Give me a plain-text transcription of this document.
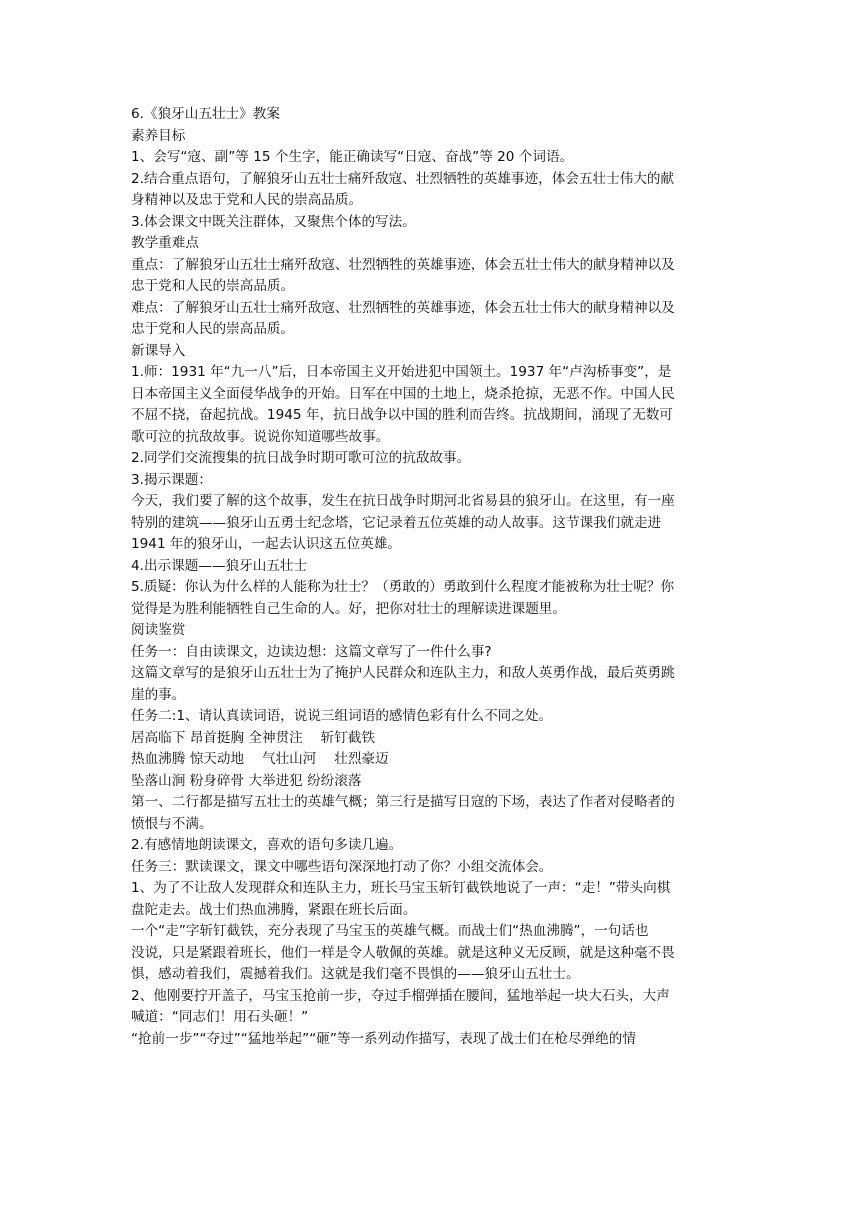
6.《狼牙山五壮士》教案
素养目标
1、会写“寇、副”等 15 个生字，能正确读写“日寇、奋战”等 20 个词语。
2.结合重点语句，了解狼牙山五壮士痛歼敌寇、壮烈牺牲的英雄事迹，体会五壮士伟大的献
身精神以及忠于党和人民的崇高品质。
3.体会课文中既关注群体，又聚焦个体的写法。
教学重难点
重点：了解狼牙山五壮士痛歼敌寇、壮烈牺牲的英雄事迹，体会五壮士伟大的献身精神以及
忠于党和人民的崇高品质。
难点：了解狼牙山五壮士痛歼敌寇、壮烈牺牲的英雄事迹，体会五壮士伟大的献身精神以及
忠于党和人民的崇高品质。
新课导入
1.师：1931 年“九一八”后，日本帝国主义开始进犯中国领土。1937 年“卢沟桥事变”，是
日本帝国主义全面侵华战争的开始。日军在中国的土地上，烧杀抢掠，无恶不作。中国人民
不屈不挠，奋起抗战。1945 年，抗日战争以中国的胜利而告终。抗战期间，涌现了无数可
歌可泣的抗敌故事。说说你知道哪些故事。
2.同学们交流搜集的抗日战争时期可歌可泣的抗敌故事。
3.揭示课题：
今天，我们要了解的这个故事，发生在抗日战争时期河北省易县的狼牙山。在这里，有一座
特别的建筑——狼牙山五勇士纪念塔，它记录着五位英雄的动人故事。这节课我们就走进
1941 年的狼牙山，一起去认识这五位英雄。
4.出示课题——狼牙山五壮士
5.质疑：你认为什么样的人能称为壮士？（勇敢的）勇敢到什么程度才能被称为壮士呢？你
觉得是为胜利能牺牲自己生命的人。好，把你对壮士的理解读进课题里。
阅读鉴赏
任务一：自由读课文，边读边想：这篇文章写了一件什么事?
这篇文章写的是狼牙山五壮士为了掩护人民群众和连队主力，和敌人英勇作战，最后英勇跳
崖的事。
任务二:1、请认真读词语，说说三组词语的感情色彩有什么不同之处。
居高临下 昂首挺胸 全神贯注　 斩钉截铁
热血沸腾 惊天动地　 气壮山河　 壮烈豪迈
坠落山涧 粉身碎骨 大举进犯 纷纷滚落
第一、二行都是描写五壮士的英雄气概；第三行是描写日寇的下场，表达了作者对侵略者的
愤恨与不满。
2.有感情地朗读课文，喜欢的语句多读几遍。
任务三：默读课文，课文中哪些语句深深地打动了你？小组交流体会。
1、为了不让敌人发现群众和连队主力，班长马宝玉斩钉截铁地说了一声：“走！”带头向棋
盘陀走去。战士们热血沸腾，紧跟在班长后面。
一个“走”字斩钉截铁，充分表现了马宝玉的英雄气概。而战士们“热血沸腾”，一句话也
没说，只是紧跟着班长，他们一样是令人敬佩的英雄。就是这种义无反顾，就是这种毫不畏
惧，感动着我们，震撼着我们。这就是我们毫不畏惧的——狼牙山五壮士。
2、他刚要拧开盖子，马宝玉抢前一步，夺过手榴弹插在腰间，猛地举起一块大石头，大声
喊道：“同志们！用石头砸！”
“抢前一步”“夺过”“猛地举起”“砸”等一系列动作描写，表现了战士们在枪尽弹绝的情
